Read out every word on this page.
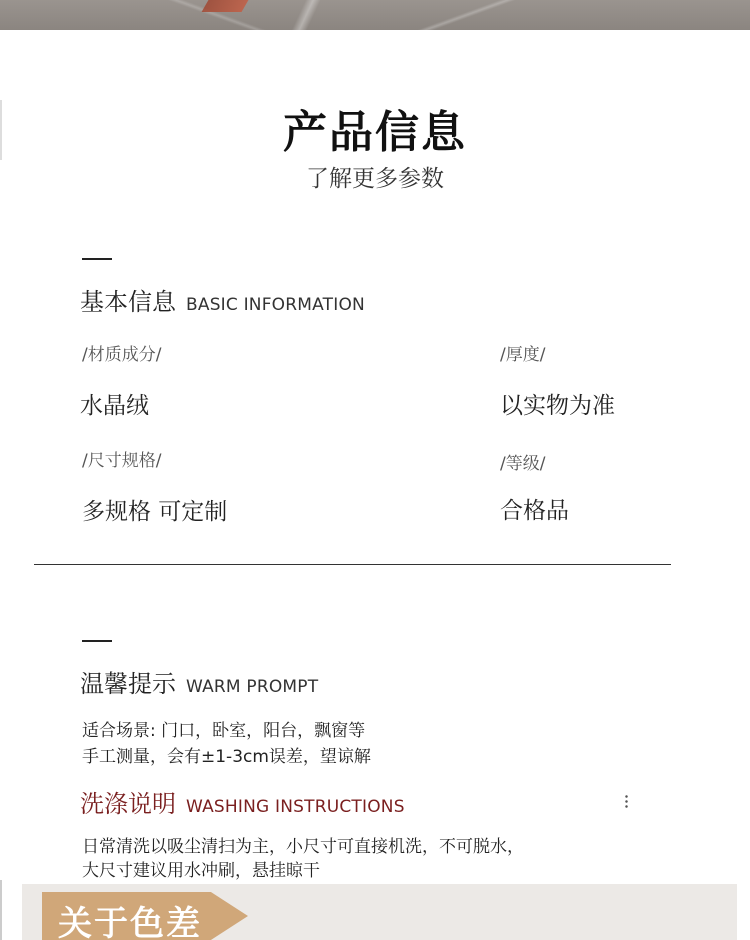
产品信息
了解更多参数
基本信息 BASIC INFORMATION
/材质成分/
水晶绒
/厚度/
以实物为准
/尺寸规格/
多规格 可定制
/等级/
合格品
温馨提示 WARM PROMPT
适合场景: 门口，卧室，阳台，飘窗等
手工测量，会有±1-3cm误差，望谅解
洗涤说明 WASHING INSTRUCTIONS
日常清洗以吸尘清扫为主，小尺寸可直接机洗，不可脱水，
大尺寸建议用水冲刷，悬挂晾干
关于色差
